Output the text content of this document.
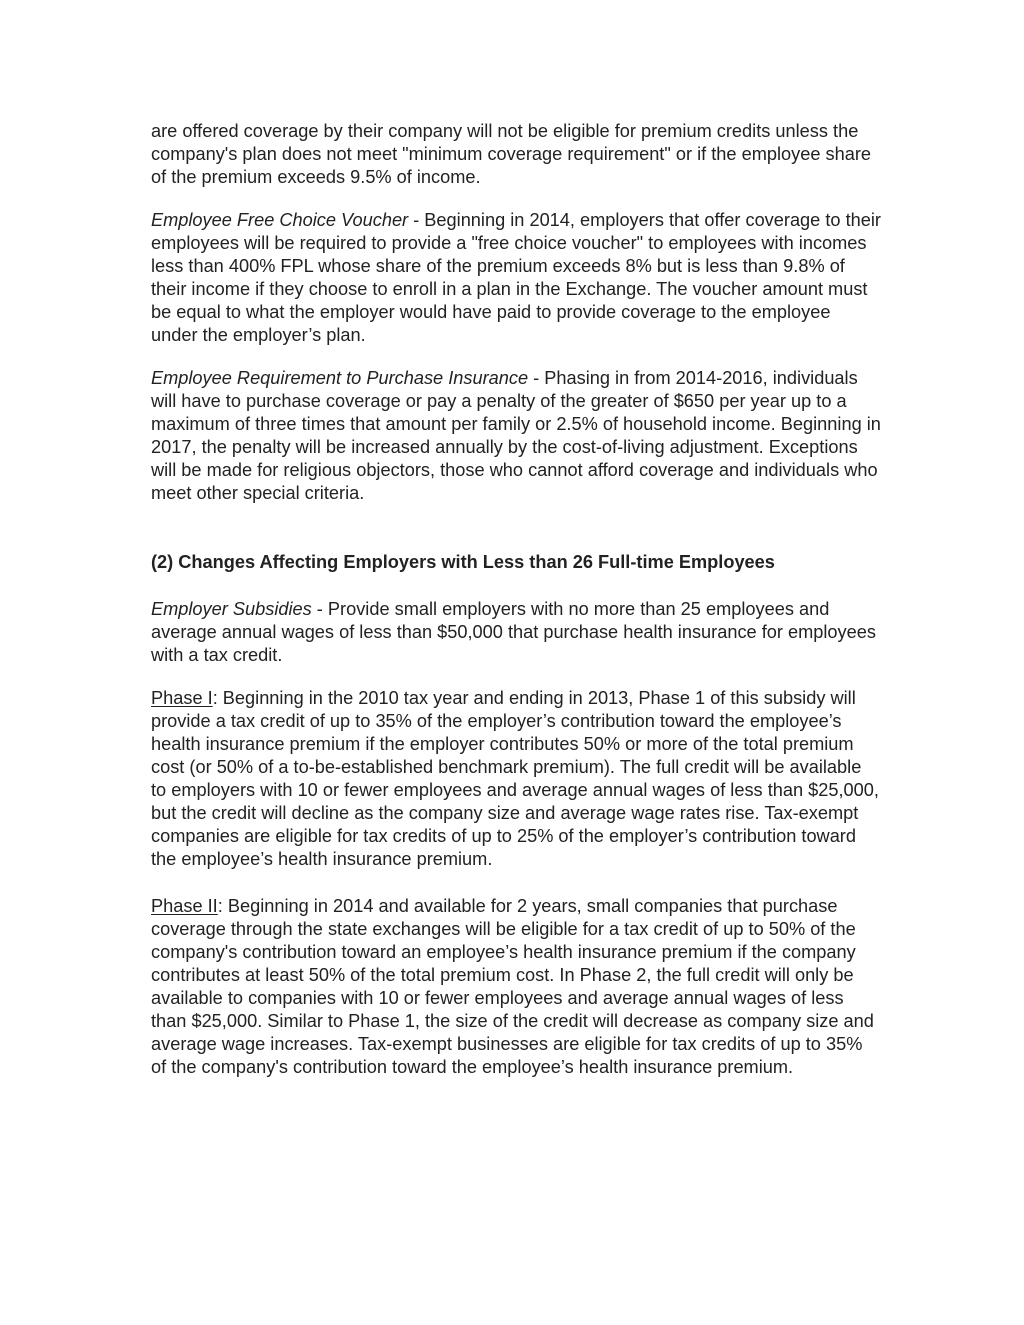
are offered coverage by their company will not be eligible for premium credits unless the company's plan does not meet "minimum coverage requirement" or if the employee share of the premium exceeds 9.5% of income.

Employee Free Choice Voucher - Beginning in 2014, employers that offer coverage to their employees will be required to provide a "free choice voucher" to employees with incomes less than 400% FPL whose share of the premium exceeds 8% but is less than 9.8% of their income if they choose to enroll in a plan in the Exchange. The voucher amount must be equal to what the employer would have paid to provide coverage to the employee under the employer’s plan.

Employee Requirement to Purchase Insurance - Phasing in from 2014-2016, individuals will have to purchase coverage or pay a penalty of the greater of $650 per year up to a maximum of three times that amount per family or 2.5% of household income. Beginning in 2017, the penalty will be increased annually by the cost-of-living adjustment. Exceptions will be made for religious objectors, those who cannot afford coverage and individuals who meet other special criteria.

(2) Changes Affecting Employers with Less than 26 Full-time Employees

Employer Subsidies - Provide small employers with no more than 25 employees and average annual wages of less than $50,000 that purchase health insurance for employees with a tax credit.

Phase I: Beginning in the 2010 tax year and ending in 2013, Phase 1 of this subsidy will provide a tax credit of up to 35% of the employer’s contribution toward the employee’s health insurance premium if the employer contributes 50% or more of the total premium cost (or 50% of a to-be-established benchmark premium). The full credit will be available to employers with 10 or fewer employees and average annual wages of less than $25,000, but the credit will decline as the company size and average wage rates rise. Tax-exempt companies are eligible for tax credits of up to 25% of the employer’s contribution toward the employee’s health insurance premium.

Phase II: Beginning in 2014 and available for 2 years, small companies that purchase coverage through the state exchanges will be eligible for a tax credit of up to 50% of the company's contribution toward an employee’s health insurance premium if the company contributes at least 50% of the total premium cost. In Phase 2, the full credit will only be available to companies with 10 or fewer employees and average annual wages of less than $25,000. Similar to Phase 1, the size of the credit will decrease as company size and average wage increases. Tax-exempt businesses are eligible for tax credits of up to 35% of the company's contribution toward the employee’s health insurance premium.
